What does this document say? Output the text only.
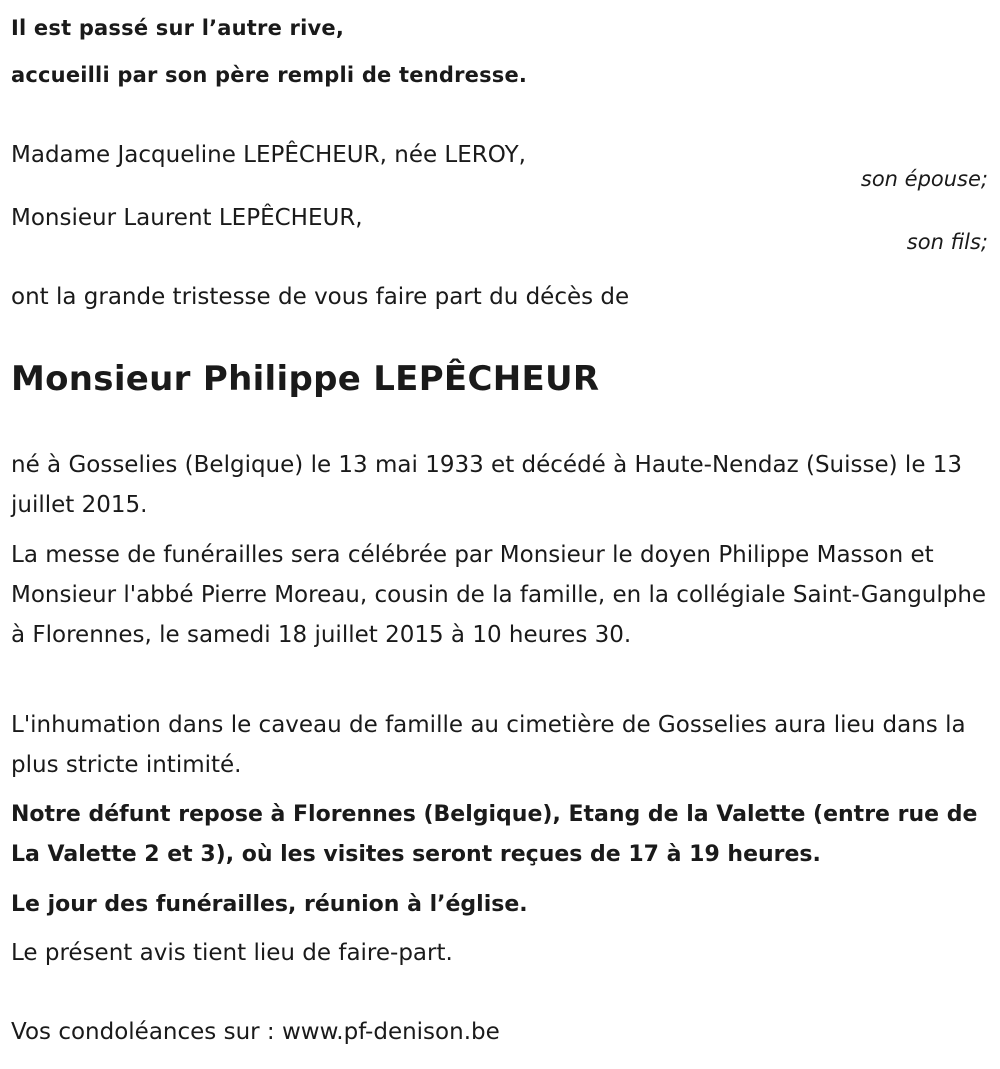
Il est passé sur l’autre rive,
accueilli par son père rempli de tendresse.
Madame Jacqueline LEPÊCHEUR, née LEROY,
son épouse;
Monsieur Laurent LEPÊCHEUR,
son fils;
ont la grande tristesse de vous faire part du décès de
Monsieur Philippe LEPÊCHEUR
né à Gosselies (Belgique) le 13 mai 1933 et décédé à Haute-Nendaz (Suisse) le 13 juillet 2015.
La messe de funérailles sera célébrée par Monsieur le doyen Philippe Masson et Monsieur l'abbé Pierre Moreau, cousin de la famille, en la collégiale Saint-Gangulphe à Florennes, le samedi 18 juillet 2015 à 10 heures 30.
L'inhumation dans le caveau de famille au cimetière de Gosselies aura lieu dans la plus stricte intimité.
Notre défunt repose à Florennes (Belgique), Etang de la Valette (entre rue de La Valette 2 et 3), où les visites seront reçues de 17 à 19 heures.
Le jour des funérailles, réunion à l’église.
Le présent avis tient lieu de faire-part.
Vos condoléances sur : www.pf-denison.be
